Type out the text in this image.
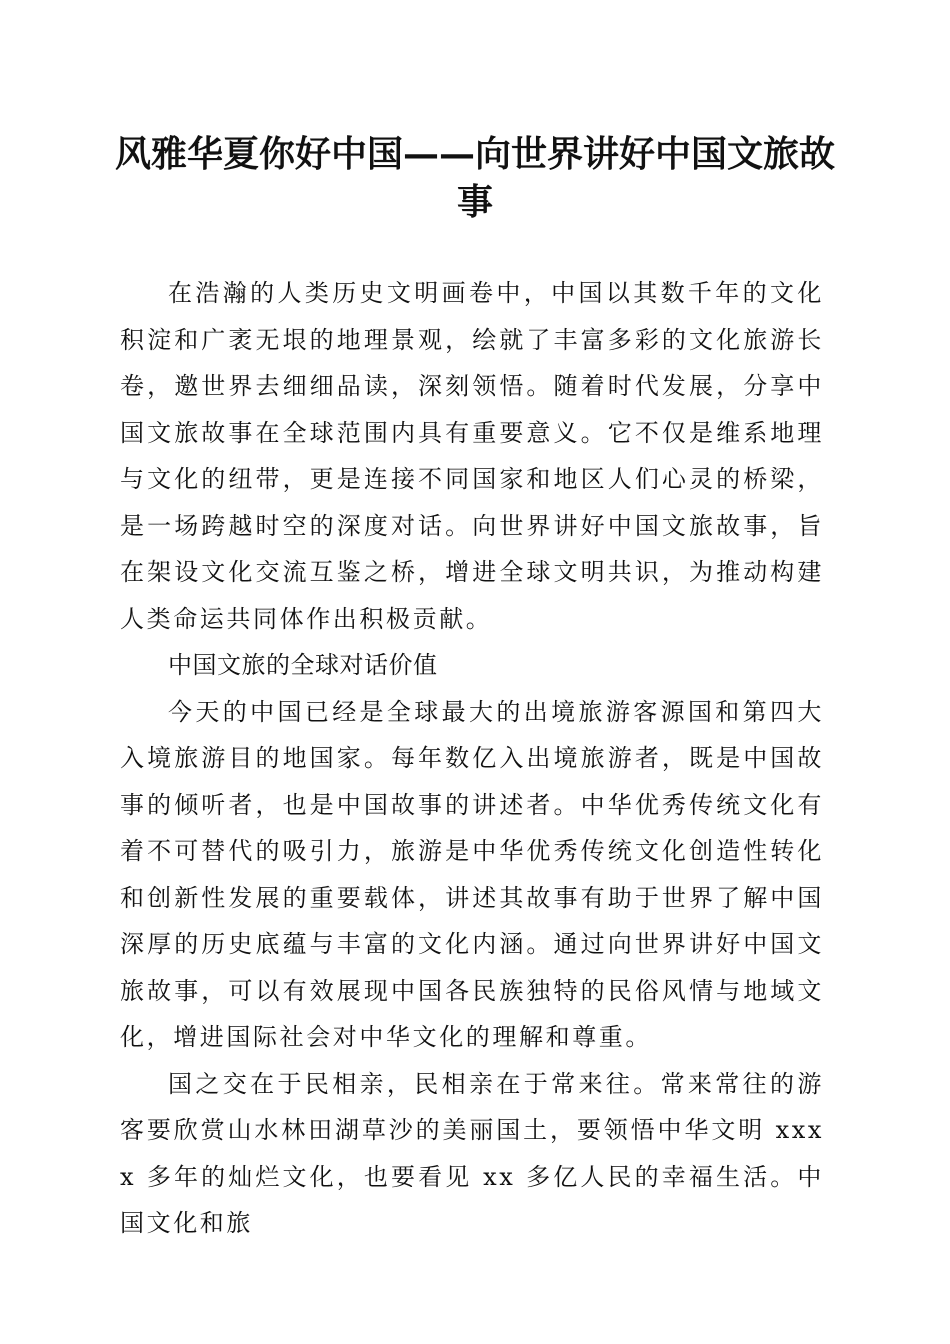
风雅华夏你好中国——向世界讲好中国文旅故事

在浩瀚的人类历史文明画卷中，中国以其数千年的文化积淀和广袤无垠的地理景观，绘就了丰富多彩的文化旅游长卷，邀世界去细细品读，深刻领悟。随着时代发展，分享中国文旅故事在全球范围内具有重要意义。它不仅是维系地理与文化的纽带，更是连接不同国家和地区人们心灵的桥梁，是一场跨越时空的深度对话。向世界讲好中国文旅故事，旨在架设文化交流互鉴之桥，增进全球文明共识，为推动构建人类命运共同体作出积极贡献。

中国文旅的全球对话价值

今天的中国已经是全球最大的出境旅游客源国和第四大入境旅游目的地国家。每年数亿入出境旅游者，既是中国故事的倾听者，也是中国故事的讲述者。中华优秀传统文化有着不可替代的吸引力，旅游是中华优秀传统文化创造性转化和创新性发展的重要载体，讲述其故事有助于世界了解中国深厚的历史底蕴与丰富的文化内涵。通过向世界讲好中国文旅故事，可以有效展现中国各民族独特的民俗风情与地域文化，增进国际社会对中华文化的理解和尊重。

国之交在于民相亲，民相亲在于常来往。常来常往的游客要欣赏山水林田湖草沙的美丽国土，要领悟中华文明 xxxx 多年的灿烂文化，也要看见 xx 多亿人民的幸福生活。中国文化和旅
